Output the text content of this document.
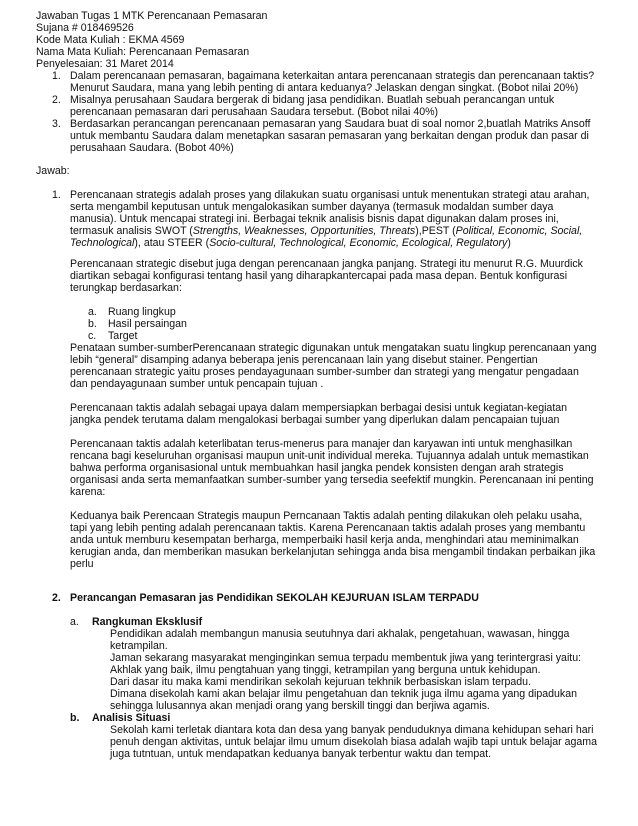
Jawaban Tugas 1 MTK Perencanaan Pemasaran
Sujana # 018469526
Kode Mata Kuliah : EKMA 4569
Nama Mata Kuliah: Perencanaan Pemasaran
Penyelesaian: 31 Maret 2014
1. Dalam perencanaan pemasaran, bagaimana keterkaitan antara perencanaan strategis dan perencanaan taktis?
Menurut Saudara, mana yang lebih penting di antara keduanya? Jelaskan dengan singkat. (Bobot nilai 20%)
2. Misalnya perusahaan Saudara bergerak di bidang jasa pendidikan. Buatlah sebuah perancangan untuk
perencanaan pemasaran dari perusahaan Saudara tersebut. (Bobot nilai 40%)
3. Berdasarkan perancangan perencanaan pemasaran yang Saudara buat di soal nomor 2,buatlah Matriks Ansoff
untuk membantu Saudara dalam menetapkan sasaran pemasaran yang berkaitan dengan produk dan pasar di
perusahaan Saudara. (Bobot 40%)
Jawab:
1. Perencanaan strategis adalah proses yang dilakukan suatu organisasi untuk menentukan strategi atau arahan,
serta mengambil keputusan untuk mengalokasikan sumber dayanya (termasuk modaldan sumber daya
manusia). Untuk mencapai strategi ini. Berbagai teknik analisis bisnis dapat digunakan dalam proses ini,
termasuk analisis SWOT (Strengths, Weaknesses, Opportunities, Threats),PEST (Political, Economic, Social,
Technological), atau STEER (Socio-cultural, Technological, Economic, Ecological, Regulatory)
Perencanaan strategic disebut juga dengan perencanaan jangka panjang. Strategi itu menurut R.G. Muurdick
diartikan sebagai konfigurasi tentang hasil yang diharapkantercapai pada masa depan. Bentuk konfigurasi
terungkap berdasarkan:
a. Ruang lingkup
b. Hasil persaingan
c. Target
Penataan sumber-sumberPerencanaan strategic digunakan untuk mengatakan suatu lingkup perencanaan yang
lebih “general” disamping adanya beberapa jenis perencanaan lain yang disebut stainer. Pengertian
perencanaan strategic yaitu proses pendayagunaan sumber-sumber dan strategi yang mengatur pengadaan
dan pendayagunaan sumber untuk pencapain tujuan .
Perencanaan taktis adalah sebagai upaya dalam mempersiapkan berbagai desisi untuk kegiatan-kegiatan
jangka pendek terutama dalam mengalokasi berbagai sumber yang diperlukan dalam pencapaian tujuan
Perencanaan taktis adalah keterlibatan terus-menerus para manajer dan karyawan inti untuk menghasilkan
rencana bagi keseluruhan organisasi maupun unit-unit individual mereka. Tujuannya adalah untuk memastikan
bahwa performa organisasional untuk membuahkan hasil jangka pendek konsisten dengan arah strategis
organisasi anda serta memanfaatkan sumber-sumber yang tersedia seefektif mungkin. Perencanaan ini penting
karena:
Keduanya baik Perencaan Strategis maupun Perncanaan Taktis adalah penting dilakukan oleh pelaku usaha,
tapi yang lebih penting adalah perencanaan taktis. Karena Perencanaan taktis adalah proses yang membantu
anda untuk memburu kesempatan berharga, memperbaiki hasil kerja anda, menghindari atau meminimalkan
kerugian anda, dan memberikan masukan berkelanjutan sehingga anda bisa mengambil tindakan perbaikan jika
perlu
2. Perancangan Pemasaran jas Pendidikan SEKOLAH KEJURUAN ISLAM TERPADU
a. Rangkuman Eksklusif
Pendidikan adalah membangun manusia seutuhnya dari akhalak, pengetahuan, wawasan, hingga
ketrampilan.
Jaman sekarang masyarakat menginginkan semua terpadu membentuk jiwa yang terintergrasi yaitu:
Akhlak yang baik, ilmu pengtahuan yang tinggi, ketrampilan yang berguna untuk kehidupan.
Dari dasar itu maka kami mendirikan sekolah kejuruan tekhnik berbasiskan islam terpadu.
Dimana disekolah kami akan belajar ilmu pengetahuan dan teknik juga ilmu agama yang dipadukan
sehingga lulusannya akan menjadi orang yang berskill tinggi dan berjiwa agamis.
b. Analisis Situasi
Sekolah kami terletak diantara kota dan desa yang banyak penduduknya dimana kehidupan sehari hari
penuh dengan aktivitas, untuk belajar ilmu umum disekolah biasa adalah wajib tapi untuk belajar agama
juga tutntuan, untuk mendapatkan keduanya banyak terbentur waktu dan tempat.
